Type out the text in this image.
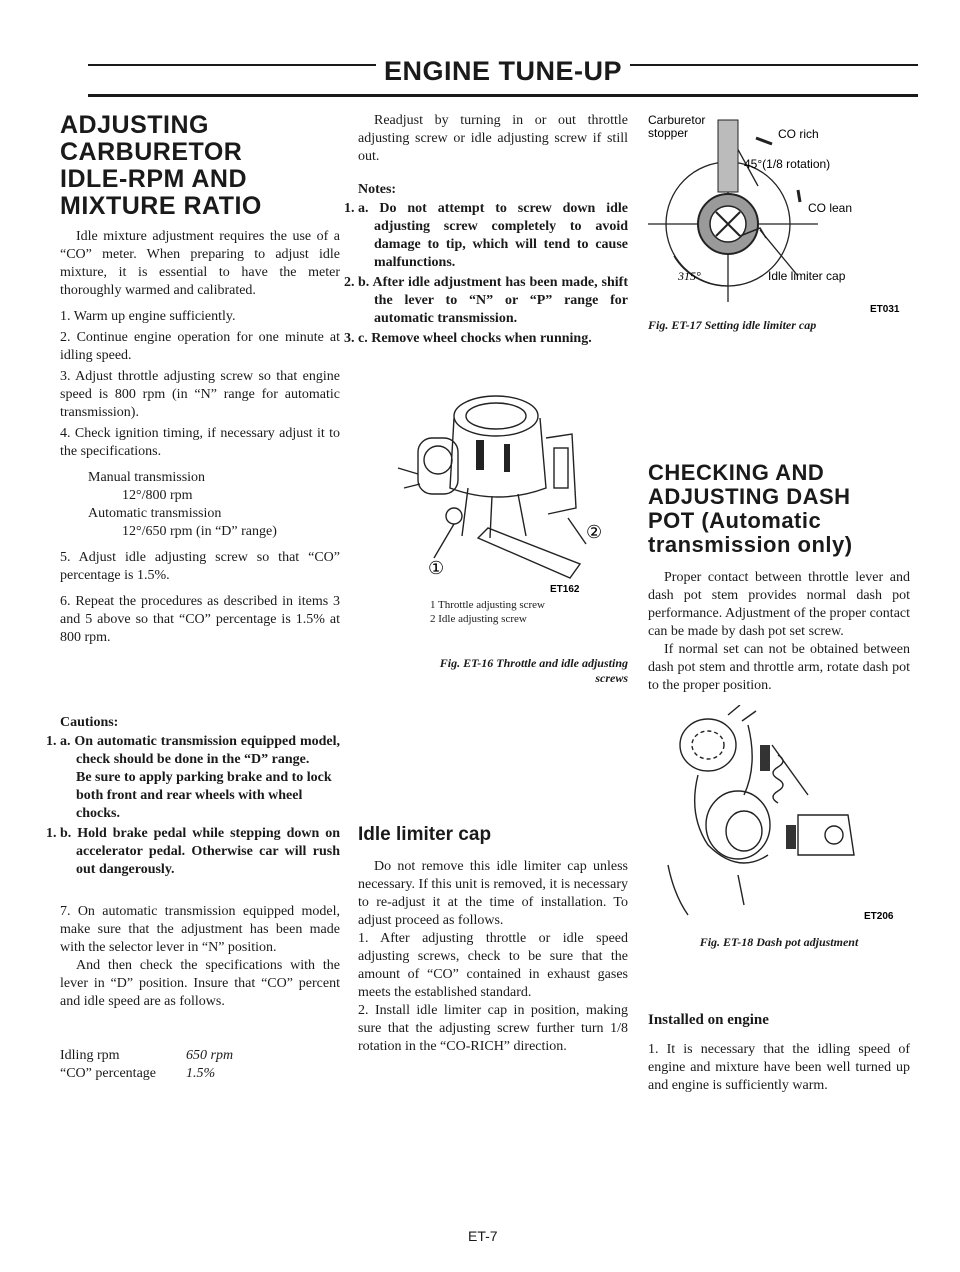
ENGINE TUNE-UP
ADJUSTING
CARBURETOR
IDLE-RPM AND
MIXTURE RATIO

Idle mixture adjustment requires the use of a “CO” meter. When preparing to adjust idle mixture, it is essential to have the meter thoroughly warmed and calibrated.

1. Warm up engine sufficiently.
2. Continue engine operation for one minute at idling speed.
3. Adjust throttle adjusting screw so that engine speed is 800 rpm (in “N” range for automatic transmission).
4. Check ignition timing, if necessary adjust it to the specifications.
Manual transmission
12°/800 rpm
Automatic transmission
12°/650 rpm (in “D” range)

5. Adjust idle adjusting screw so that “CO” percentage is 1.5%.

6. Repeat the procedures as described in items 3 and 5 above so that “CO” percentage is 1.5% at 800 rpm.

Cautions:
1. a. On automatic transmission equipped model, check should be done in the “D” range.
Be sure to apply parking brake and to lock both front and rear wheels with wheel chocks.
1. b. Hold brake pedal while stepping down on accelerator pedal. Otherwise car will rush out dangerously.

7. On automatic transmission equipped model, make sure that the adjustment has been made with the selector lever in “N” position.

And then check the specifications with the lever in “D” position. Insure that “CO” percent and idle speed are as follows.

Idling rpm	650 rpm
“CO” percentage	1.5%

Readjust by turning in or out throttle adjusting screw or idle adjusting screw if still out.

Notes:
1. a. Do not attempt to screw down idle adjusting screw completely to avoid damage to tip, which will tend to cause malfunctions.
2. b. After idle adjustment has been made, shift the lever to “N” or “P” range for automatic transmission.
3. c. Remove wheel chocks when running.
①
②
ET162
1 Throttle adjusting screw
2 Idle adjusting screw
Fig. ET-16 Throttle and idle adjusting
screws
Idle limiter cap

Do not remove this idle limiter cap unless necessary. If this unit is removed, it is necessary to re-adjust it at the time of installation. To adjust proceed as follows.

1. After adjusting throttle or idle speed adjusting screws, check to be sure that the amount of “CO” contained in exhaust gases meets the established standard.

2. Install idle limiter cap in position, making sure that the adjusting screw further turn 1/8 rotation in the “CO-RICH” direction.

Carburetor
stopper	CO rich
45°(1/8 rotation)
CO lean
315°	Idle limiter cap
ET031
Fig. ET-17 Setting idle limiter cap
CHECKING AND
ADJUSTING DASH
POT (Automatic
transmission only)

Proper contact between throttle lever and dash pot stem provides normal dash pot performance. Adjustment of the proper contact can be made by dash pot set screw.

If normal set can not be obtained between dash pot stem and throttle arm, rotate dash pot to the proper position.

ET206
Fig. ET-18 Dash pot adjustment
Installed on engine

1. It is necessary that the idling speed of engine and mixture have been well turned up and engine is sufficiently warm.

ET-7
